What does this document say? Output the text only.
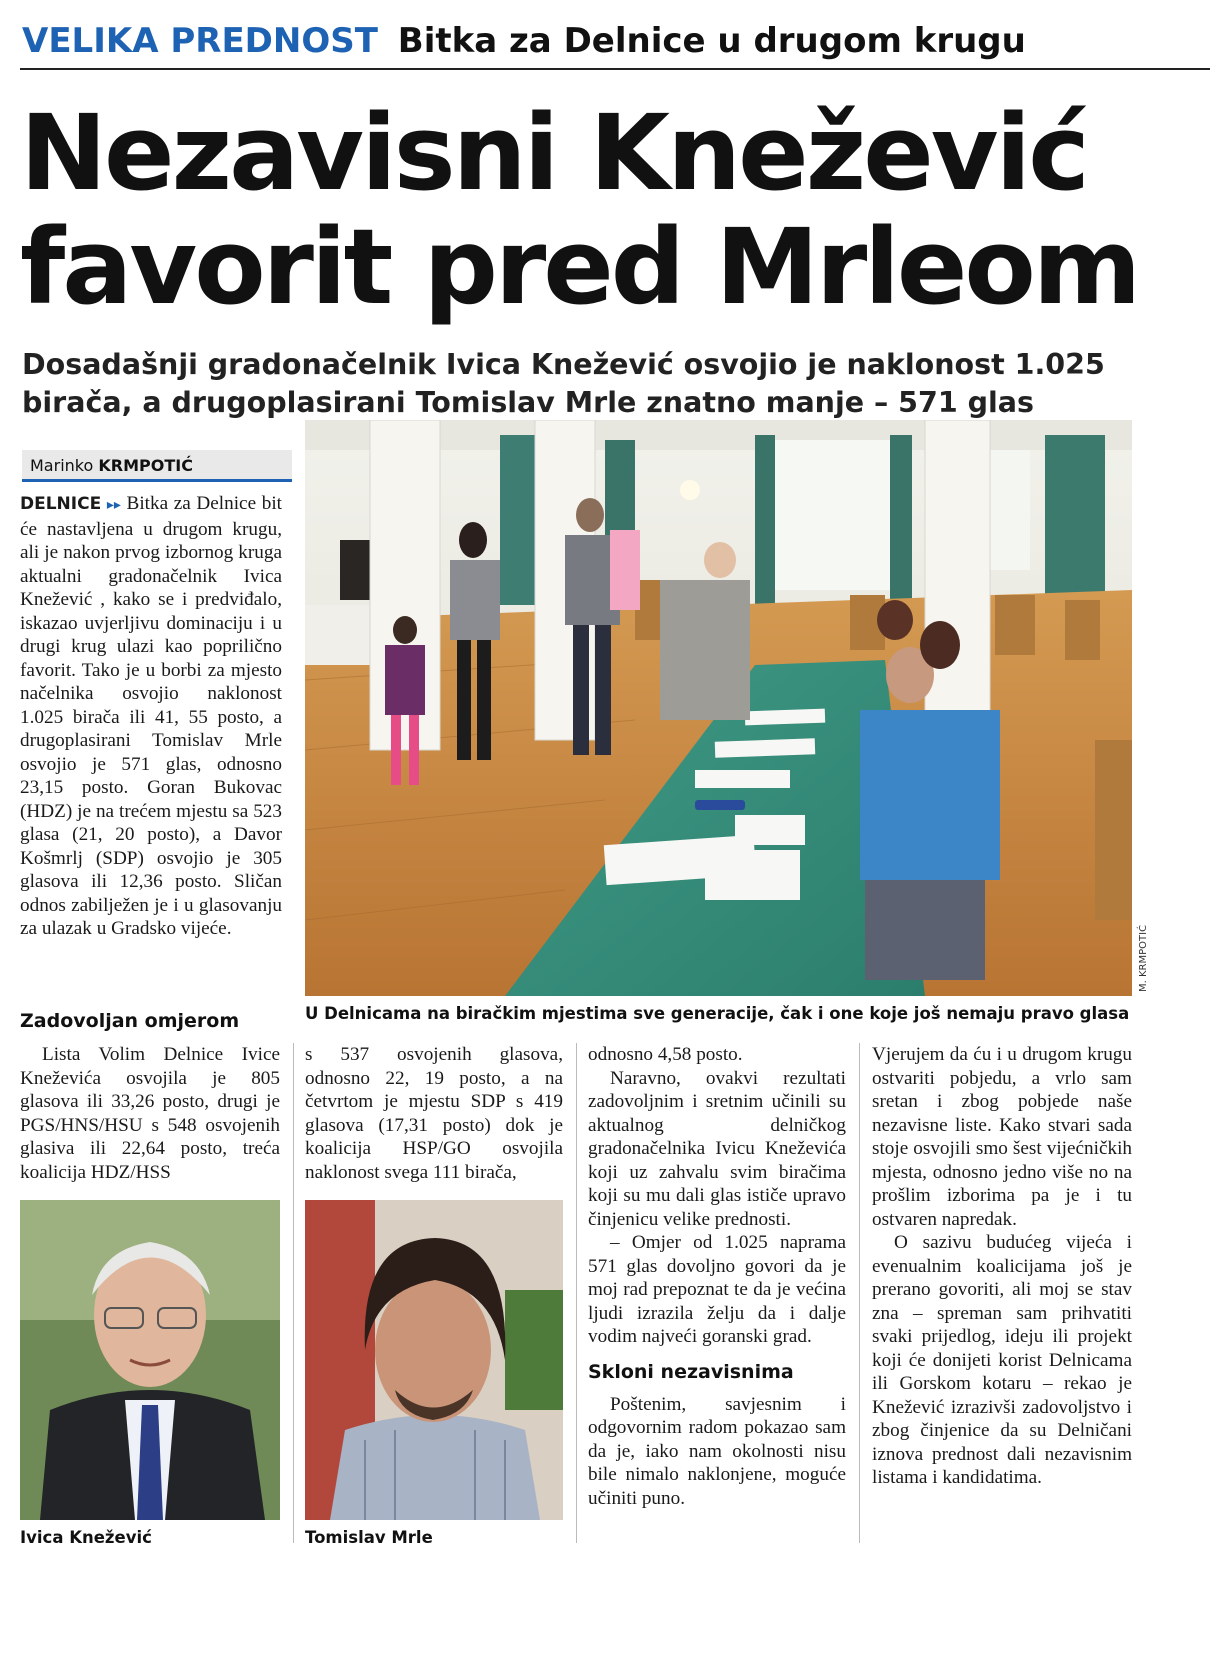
VELIKA PREDNOST Bitka za Delnice u drugom krugu
Nezavisni Knežević
favorit pred Mrleom
Dosadašnji gradonačelnik Ivica Knežević osvojio je naklonost 1.025
birača, a drugoplasirani Tomislav Mrle znatno manje – 571 glas
Marinko KRMPOTIĆ

DELNICE ▸▸ Bitka za Delnice bit će nastavljena u drugom krugu, ali je nakon prvog izbornog kruga aktualni gradonačelnik Ivica Knežević , kako se i predviđalo, iskazao uvjerljivu dominaciju i u drugi krug ulazi kao poprilično favorit. Tako je u borbi za mjesto načelnika osvojio naklonost 1.025 birača ili 41, 55 posto, a drugoplasirani Tomislav Mrle osvojio je 571 glas, odnosno 23,15 posto. Goran Bukovac (HDZ) je na trećem mjestu sa 523 glasa (21, 20 posto), a Davor Košmrlj (SDP) osvojio je 305 glasova ili 12,36 posto. Sličan odnos zabilježen je i u glasovanju za ulazak u Gradsko vijeće.	M. KRMPOTIĆ
U Delnicama na biračkim mjestima sve generacije, čak i one koje još nemaju pravo glasa
Zadovoljan omjerom

Lista Volim Delnice Ivice Kneževića osvojila je 805 glasova ili 33,26 posto, drugi je PGS/HNS/HSU s 548 osvojenih glasiva ili 22,64 posto, treća koalicija HDZ/HSS

s 537 osvojenih glasova, odnosno 22, 19 posto, a na četvrtom je mjestu SDP s 419 glasova (17,31 posto) dok je koalicija HSP/GO osvojila naklonost svega 111 birača,

odnosno 4,58 posto.

Naravno, ovakvi rezultati zadovoljnim i sretnim učinili su aktualnog delničkog gradonačelnika Ivicu Kneževića koji uz zahvalu svim biračima koji su mu dali glas ističe upravo činjenicu velike prednosti.

– Omjer od 1.025 naprama 571 glas dovoljno govori da je moj rad prepoznat te da je većina ljudi izrazila želju da i dalje vodim najveći goranski grad.

Skloni nezavisnima

Poštenim, savjesnim i odgovornim radom pokazao sam da je, iako nam okolnosti nisu bile nimalo naklonjene, moguće učiniti puno.

Vjerujem da ću i u drugom krugu ostvariti pobjedu, a vrlo sam sretan i zbog pobjede naše nezavisne liste. Kako stvari sada stoje osvojili smo šest vijećničkih mjesta, odnosno jedno više no na prošlim izborima pa je i tu ostvaren napredak.

O sazivu budućeg vijeća i evenualnim koalicijama još je prerano govoriti, ali moj se stav zna – spreman sam prihvatiti svaki prijedlog, ideju ili projekt koji će donijeti korist Delnicama ili Gorskom kotaru – rekao je Knežević izrazivši zadovoljstvo i zbog činjenice da su Delničani iznova prednost dali nezavisnim listama i kandidatima.

Ivica Knežević	Tomislav Mrle
